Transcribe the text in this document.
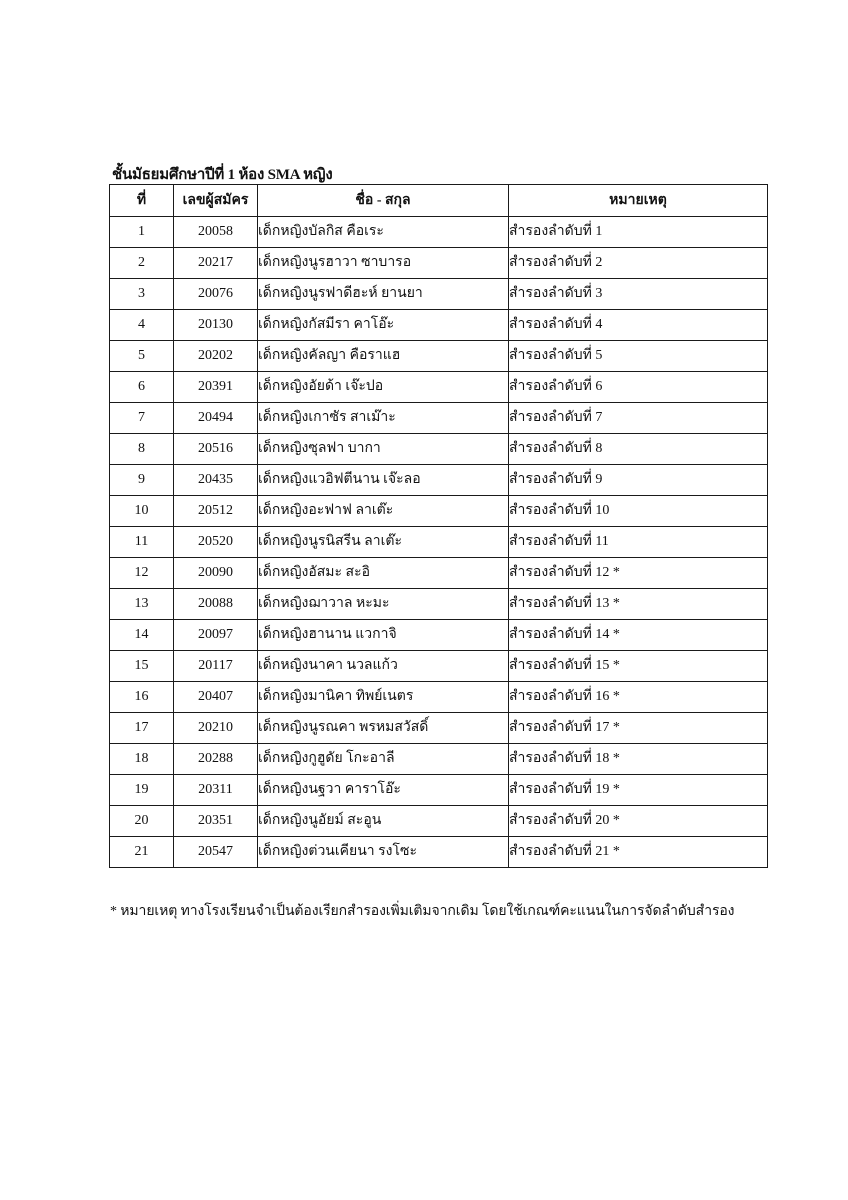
ชั้นมัธยมศึกษาปีที่ 1 ห้อง SMA หญิง
ที่	เลขผู้สมัคร	ชื่อ - สกุล	หมายเหตุ
1	20058	เด็กหญิงบัลกิส คือเระ	สำรองลำดับที่ 1
2	20217	เด็กหญิงนูรฮาวา ซาบารอ	สำรองลำดับที่ 2
3	20076	เด็กหญิงนูรฟาดีฮะห์ ยานยา	สำรองลำดับที่ 3
4	20130	เด็กหญิงกัสมีรา คาโอ๊ะ	สำรองลำดับที่ 4
5	20202	เด็กหญิงคัลญา คือราแฮ	สำรองลำดับที่ 5
6	20391	เด็กหญิงอัยด้า เจ๊ะปอ	สำรองลำดับที่ 6
7	20494	เด็กหญิงเกาซัร สาเม๊าะ	สำรองลำดับที่ 7
8	20516	เด็กหญิงซุลฟา บากา	สำรองลำดับที่ 8
9	20435	เด็กหญิงแวอิฟตีนาน เจ๊ะลอ	สำรองลำดับที่ 9
10	20512	เด็กหญิงอะฟาฟ ลาเต๊ะ	สำรองลำดับที่ 10
11	20520	เด็กหญิงนูรนิสรีน ลาเต๊ะ	สำรองลำดับที่ 11
12	20090	เด็กหญิงอัสมะ สะอิ	สำรองลำดับที่ 12 *
13	20088	เด็กหญิงฌาวาล หะมะ	สำรองลำดับที่ 13 *
14	20097	เด็กหญิงฮานาน แวกาจิ	สำรองลำดับที่ 14 *
15	20117	เด็กหญิงนาคา นวลแก้ว	สำรองลำดับที่ 15 *
16	20407	เด็กหญิงมานิคา ทิพย์เนตร	สำรองลำดับที่ 16 *
17	20210	เด็กหญิงนูรณคา พรหมสวัสดิ์	สำรองลำดับที่ 17 *
18	20288	เด็กหญิงกูฮูดัย โกะอาลี	สำรองลำดับที่ 18 *
19	20311	เด็กหญิงนฐวา คาราโอ๊ะ	สำรองลำดับที่ 19 *
20	20351	เด็กหญิงนูอัยม์ สะอูน	สำรองลำดับที่ 20 *
21	20547	เด็กหญิงต่วนเคียนา รงโซะ	สำรองลำดับที่ 21 *
* หมายเหตุ ทางโรงเรียนจำเป็นต้องเรียกสำรองเพิ่มเติมจากเดิม โดยใช้เกณฑ์คะแนนในการจัดลำดับสำรอง
